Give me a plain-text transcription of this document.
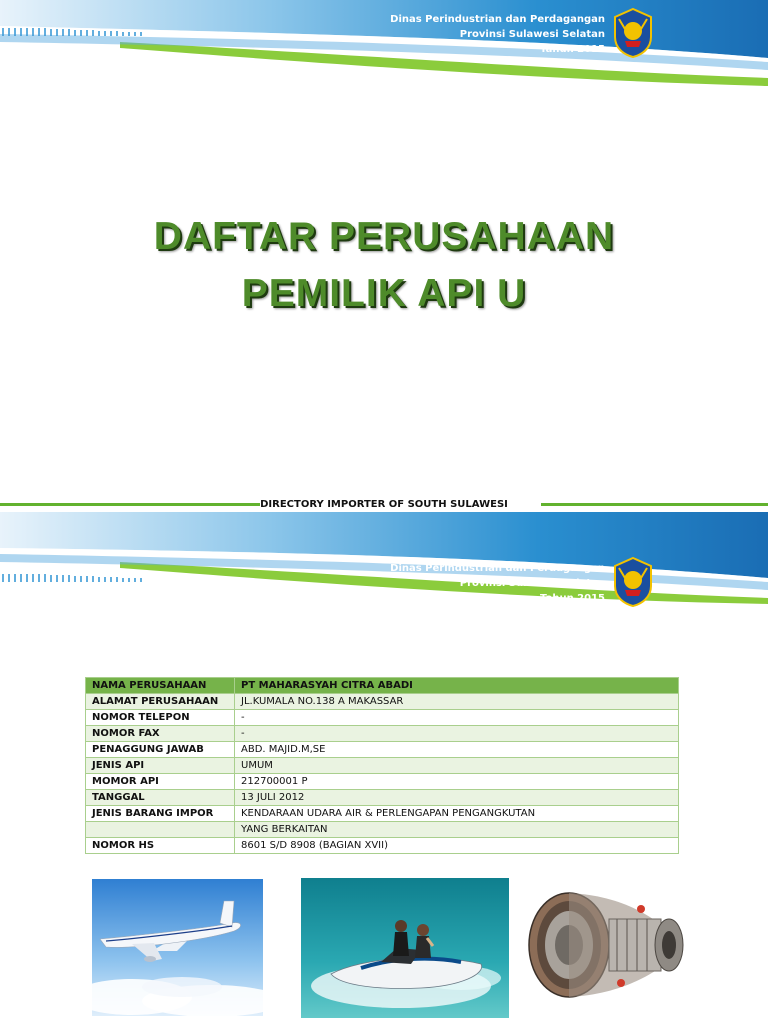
Dinas Perindustrian dan Perdagangan
Provinsi Sulawesi Selatan
Tahun 2015
DAFTAR PERUSAHAAN
PEMILIK API U
DIRECTORY IMPORTER OF SOUTH SULAWESI
Dinas Perindustrian dan Perdagangan
Provinsi Sulawesi Selatan
Tahun 2015
NAMA PERUSAHAAN	PT MAHARASYAH CITRA ABADI
ALAMAT PERUSAHAAN	JL.KUMALA NO.138 A MAKASSAR
NOMOR TELEPON	-
NOMOR FAX	-
PENAGGUNG JAWAB	ABD. MAJID.M,SE
JENIS API	UMUM
MOMOR API	212700001 P
TANGGAL	13 JULI 2012
JENIS BARANG IMPOR	KENDARAAN UDARA AIR & PERLENGAPAN PENGANGKUTAN
	YANG BERKAITAN
NOMOR HS	8601 S/D 8908 (BAGIAN XVII)
